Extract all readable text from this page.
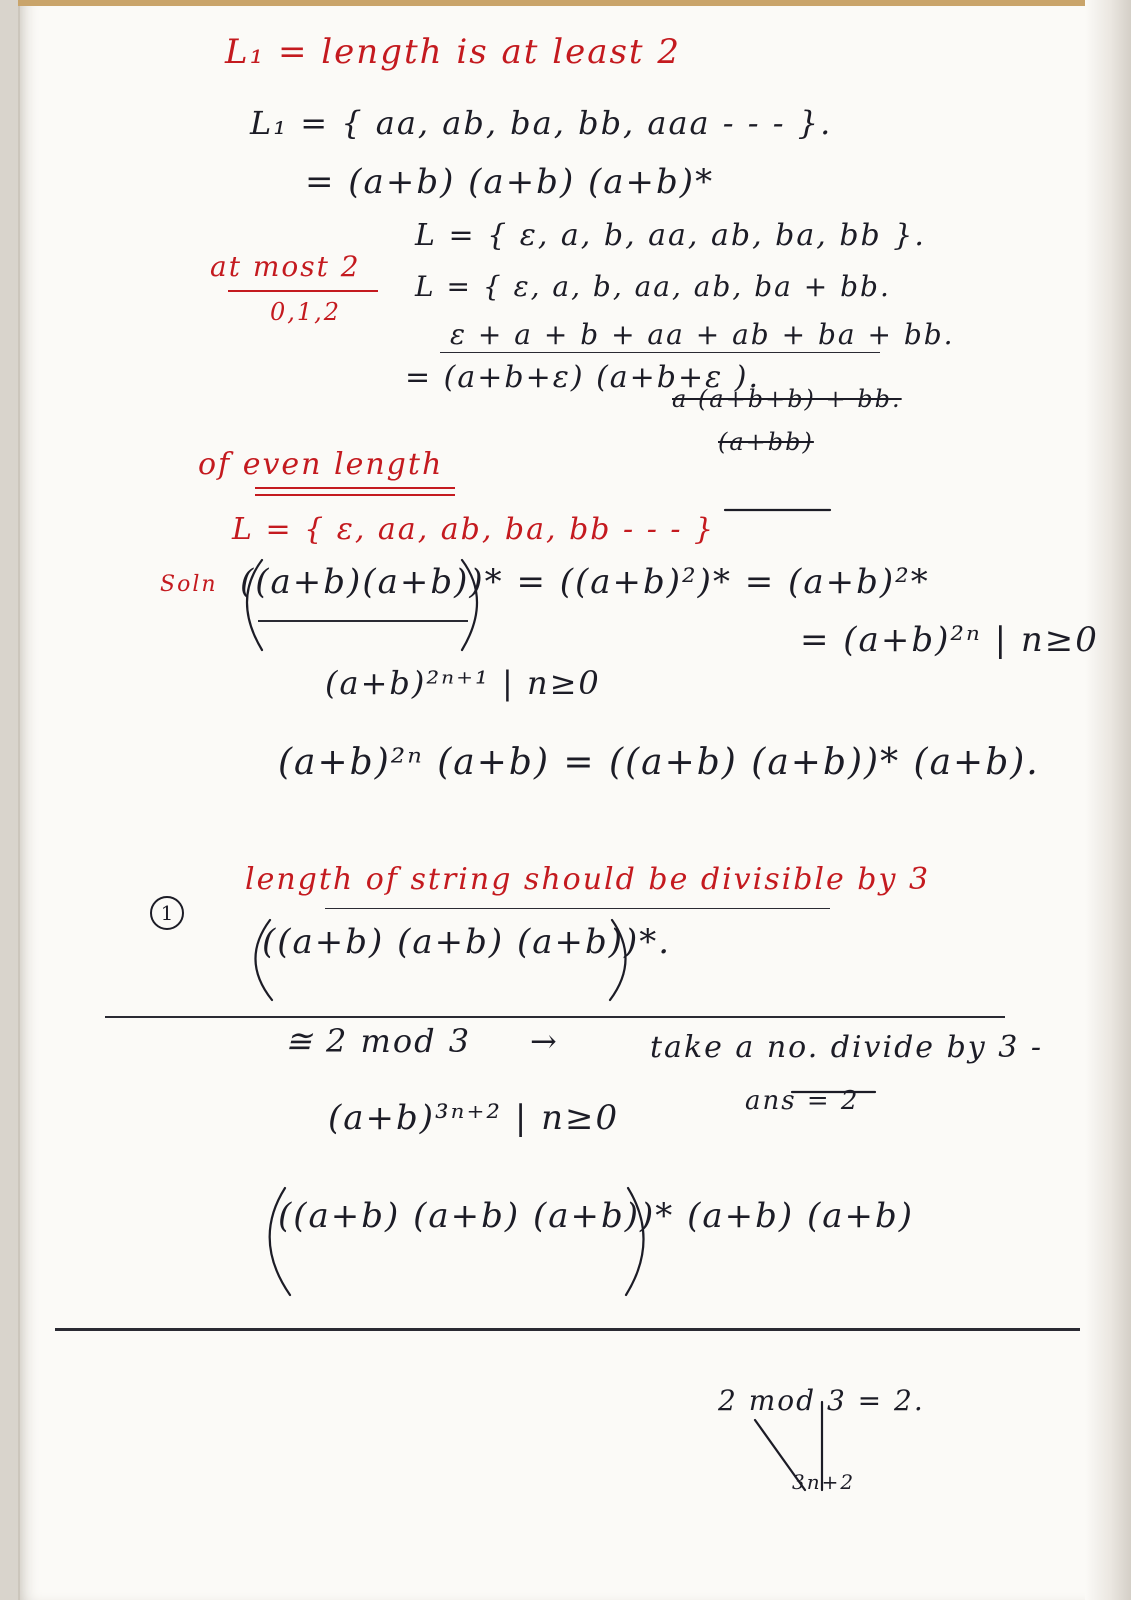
L₁ = length is at least 2
L₁ = { aa, ab, ba, bb, aaa - - - }.
= (a+b) (a+b) (a+b)*
at most 2
0,1,2
L = { ε, a, b, aa, ab, ba, bb }.
L = { ε, a, b, aa, ab, ba + bb.
ε + a + b + aa + ab + ba + bb.
= (a+b+ε) (a+b+ε ).
a (a+b+b) + bb.
(a+bb)
of even length
L = { ε, aa, ab, ba, bb - - - }
Soln ((a+b)(a+b))* = ((a+b)²)* = (a+b)²*
= (a+b)²ⁿ | n≥0
(a+b)²ⁿ⁺¹ | n≥0
(a+b)²ⁿ (a+b) = ((a+b) (a+b))* (a+b).
1
length of string should be divisible by 3
((a+b) (a+b) (a+b))*.
≅ 2 mod 3 →	take a no. divide by 3 -
ans = 2
(a+b)³ⁿ⁺² | n≥0
((a+b) (a+b) (a+b))* (a+b) (a+b)
2 mod 3 = 2.
3n+2
